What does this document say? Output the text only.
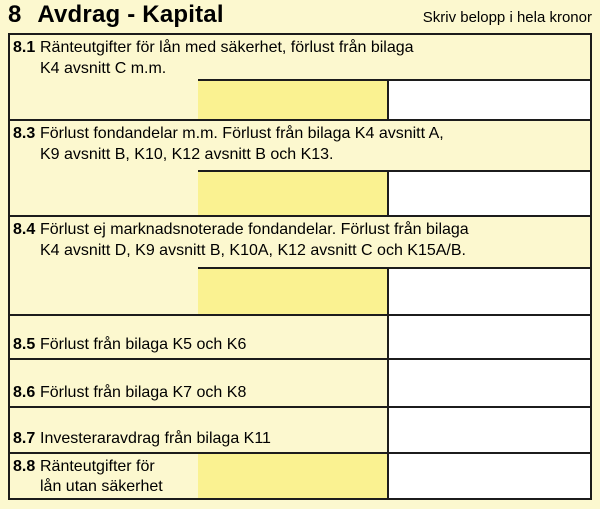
8 Avdrag - Kapital	Skriv belopp i hela kronor
8.1 Ränteutgifter för lån med säkerhet, förlust från bilaga
K4 avsnitt C m.m.
8.3 Förlust fondandelar m.m. Förlust från bilaga K4 avsnitt A,
K9 avsnitt B, K10, K12 avsnitt B och K13.
8.4 Förlust ej marknadsnoterade fondandelar. Förlust från bilaga
K4 avsnitt D, K9 avsnitt B, K10A, K12 avsnitt C och K15A/B.
8.5 Förlust från bilaga K5 och K6
8.6 Förlust från bilaga K7 och K8
8.7 Investeraravdrag från bilaga K11
8.8 Ränteutgifter för
lån utan säkerhet
